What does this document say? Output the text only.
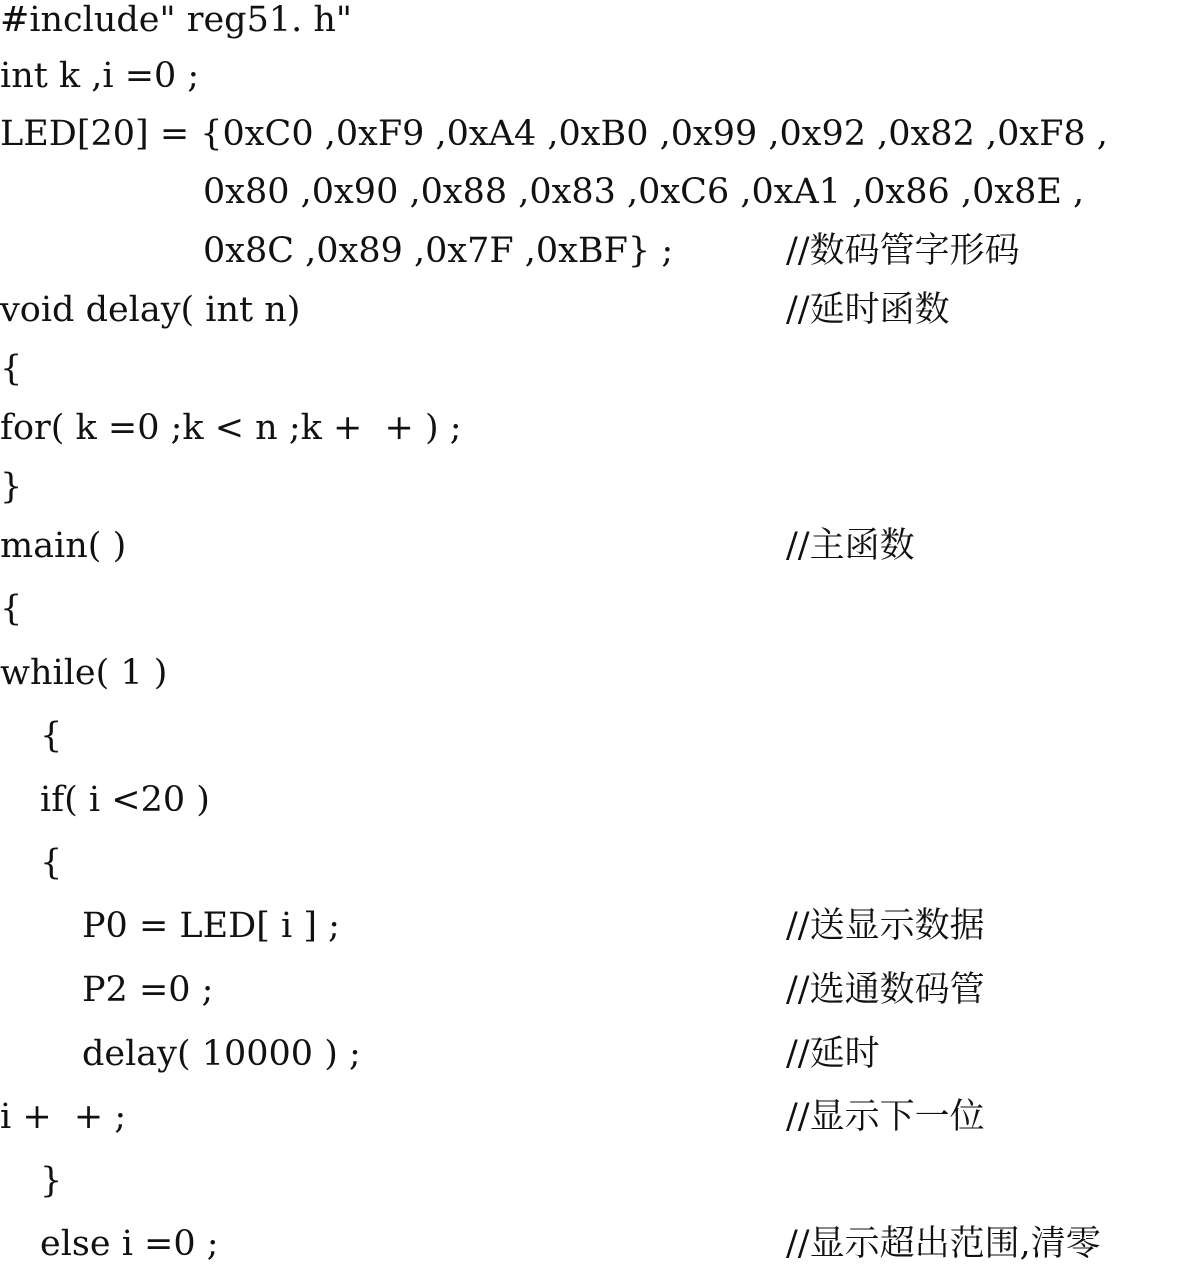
#include" reg51. h"
int k ,i =0 ;
LED[20] = {0xC0 ,0xF9 ,0xA4 ,0xB0 ,0x99 ,0x92 ,0x82 ,0xF8 ,
0x80 ,0x90 ,0x88 ,0x83 ,0xC6 ,0xA1 ,0x86 ,0x8E ,
0x8C ,0x89 ,0x7F ,0xBF} ;	//数码管字形码
void delay( int n)	//延时函数
{
for( k =0 ;k < n ;k +  + ) ;
}
main( )	//主函数
{
while( 1 )
{
if( i <20 )
{
P0 = LED[ i ] ;	//送显示数据
P2 =0 ;	//选通数码管
delay( 10000 ) ;	//延时
i +  + ;	//显示下一位
}
else i =0 ;	//显示超出范围,清零
